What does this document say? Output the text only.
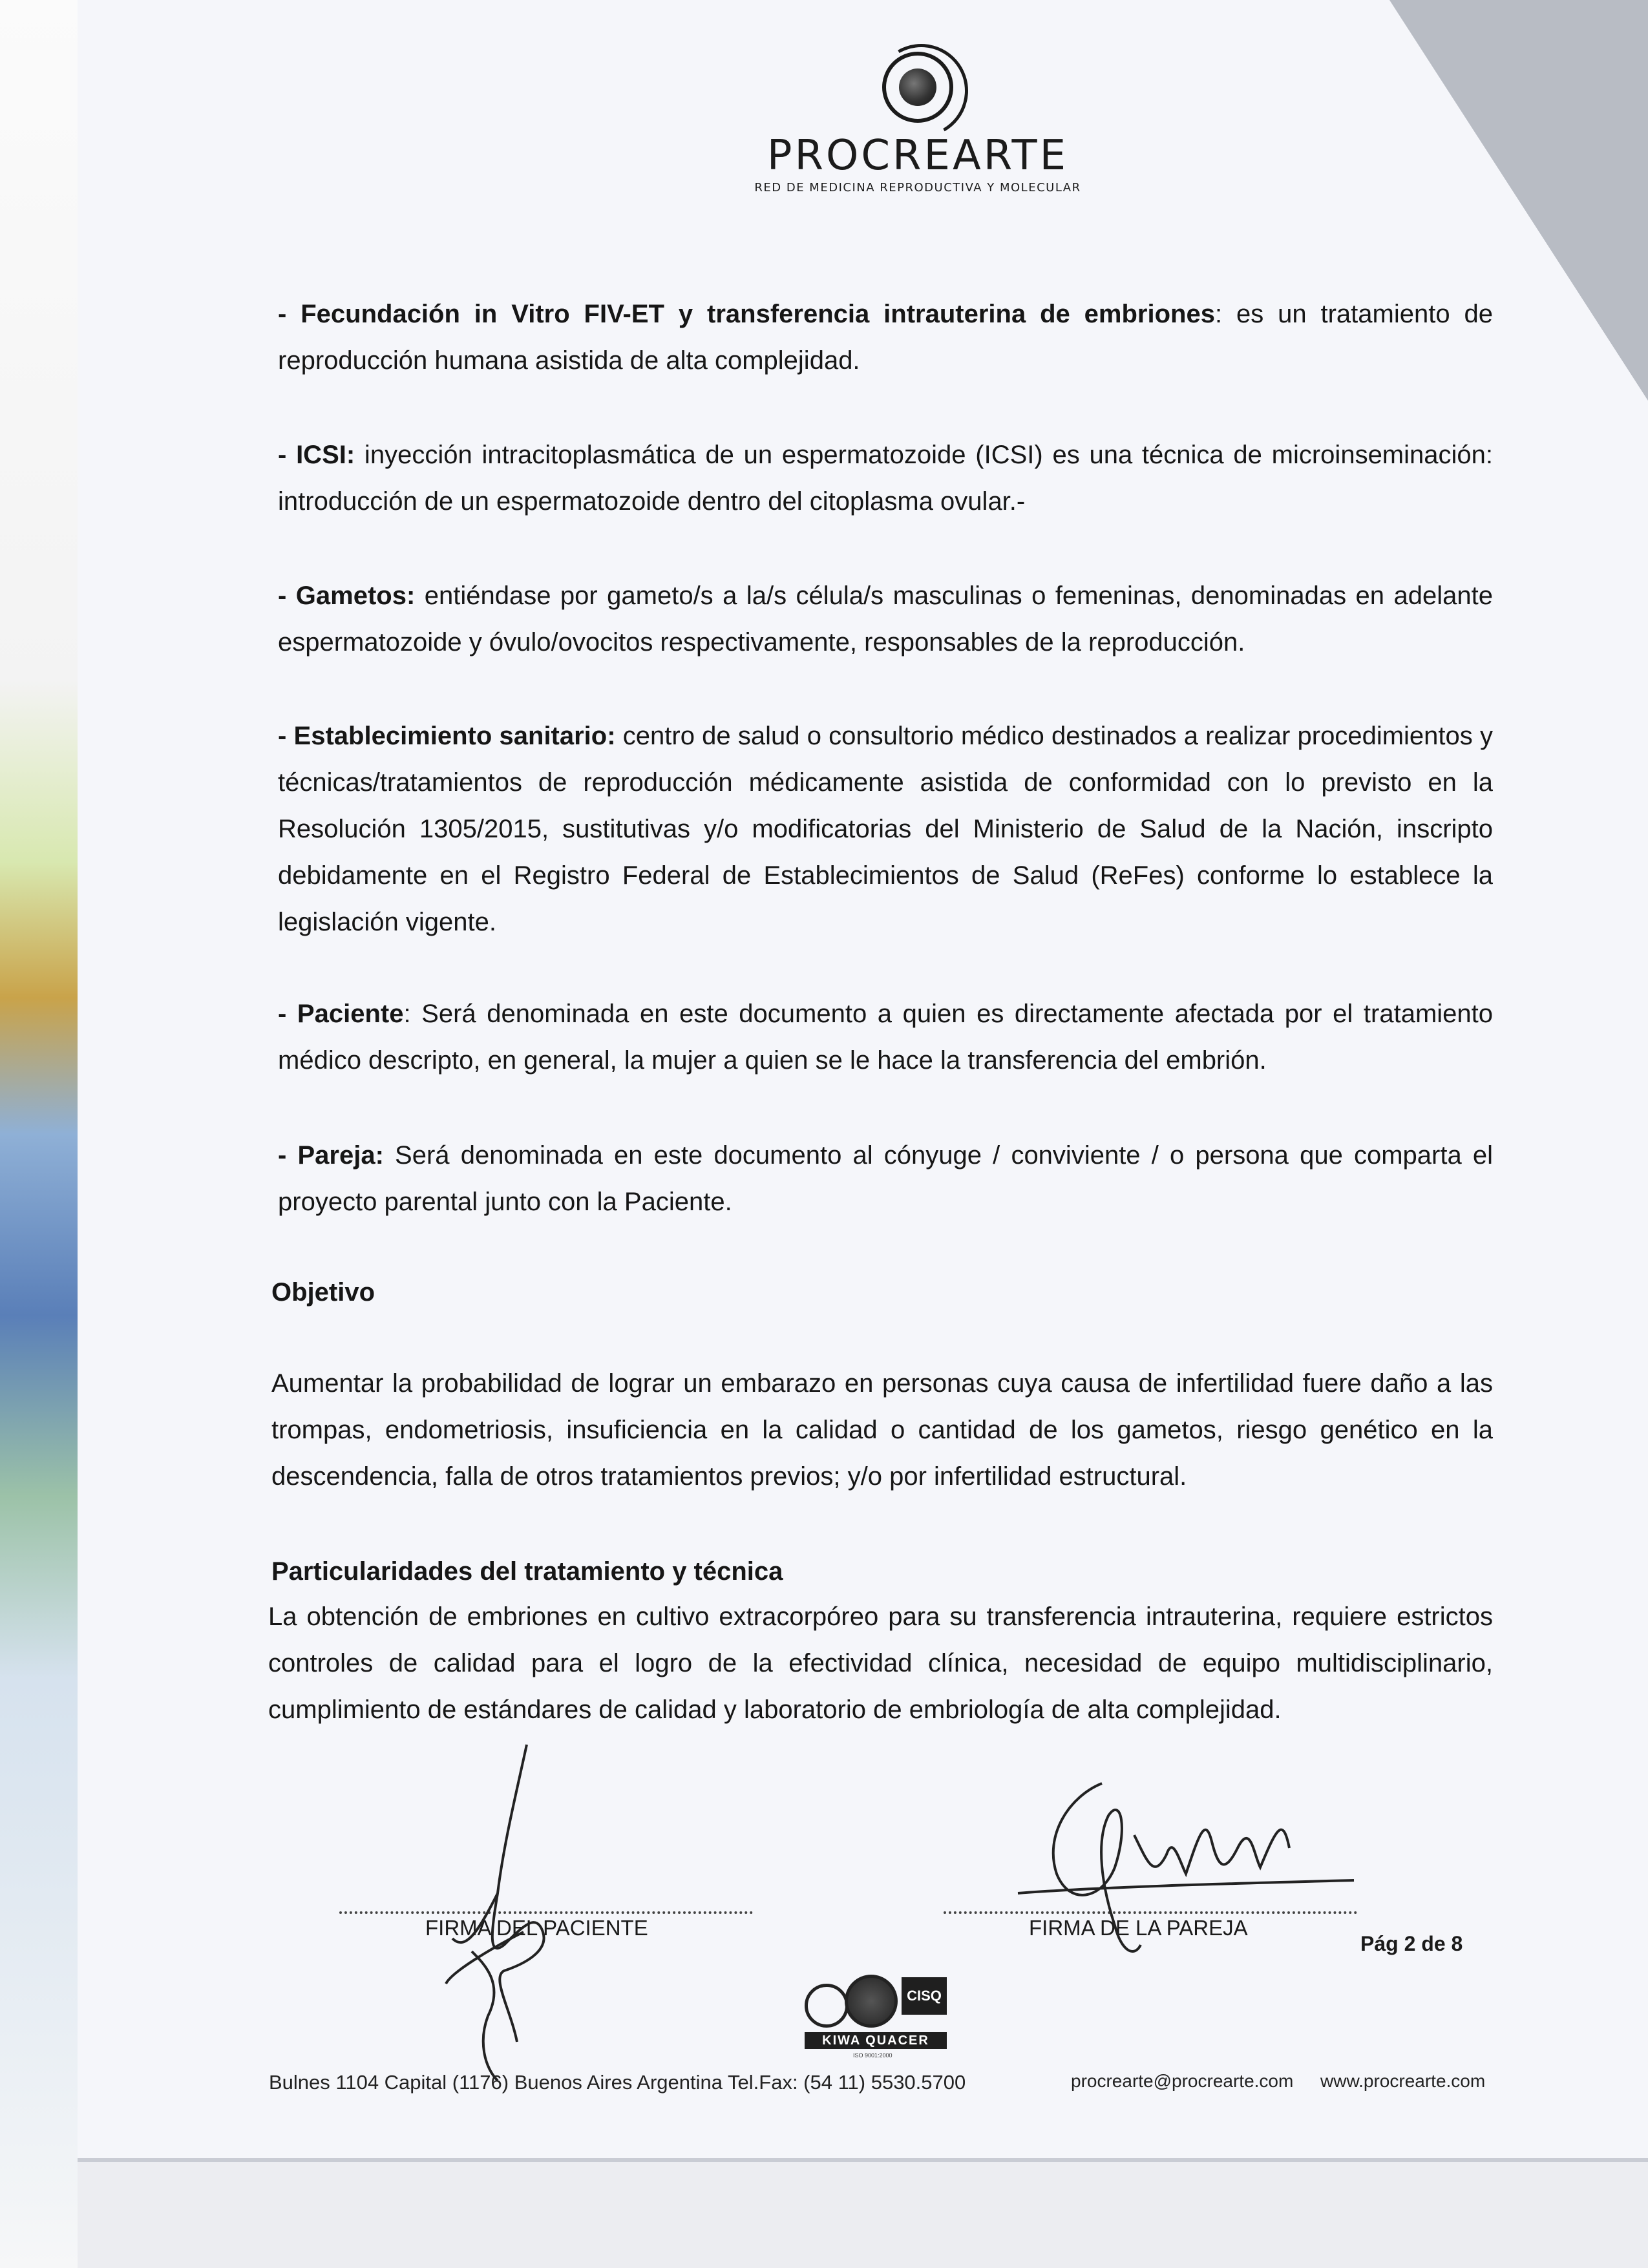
PROCREARTE
RED DE MEDICINA REPRODUCTIVA Y MOLECULAR
- Fecundación in Vitro FIV-ET y transferencia intrauterina de embriones: es un tratamiento de reproducción humana asistida de alta complejidad.
- ICSI: inyección intracitoplasmática de un espermatozoide (ICSI) es una técnica de microinseminación: introducción de un espermatozoide dentro del citoplasma ovular.-
- Gametos: entiéndase por gameto/s a la/s célula/s masculinas o femeninas, denominadas en adelante espermatozoide y óvulo/ovocitos respectivamente, responsables de la reproducción.
- Establecimiento sanitario: centro de salud o consultorio médico destinados a realizar procedimientos y técnicas/tratamientos de reproducción médicamente asistida de conformidad con lo previsto en la Resolución 1305/2015, sustitutivas y/o modificatorias del Ministerio de Salud de la Nación, inscripto debidamente en el Registro Federal de Establecimientos de Salud (ReFes) conforme lo establece la legislación vigente.
- Paciente: Será denominada en este documento a quien es directamente afectada por el tratamiento médico descripto, en general, la mujer a quien se le hace la transferencia del embrión.
- Pareja: Será denominada en este documento al cónyuge / conviviente / o persona que comparta el proyecto parental junto con la Paciente.
Objetivo
Aumentar la probabilidad de lograr un embarazo en personas cuya causa de infertilidad fuere daño a las trompas, endometriosis, insuficiencia en la calidad o cantidad de los gametos, riesgo genético en la descendencia, falla de otros tratamientos previos; y/o por infertilidad estructural.
Particularidades del tratamiento y técnica
La obtención de embriones en cultivo extracorpóreo para su transferencia intrauterina, requiere estrictos controles de calidad para el logro de la efectividad clínica, necesidad de equipo multidisciplinario, cumplimiento de estándares de calidad y laboratorio de embriología de alta complejidad.
FIRMA DEL PACIENTE	FIRMA DE LA PAREJA
Pág 2 de 8
CISQ
KIWA QUACER
ISO 9001:2000
Bulnes 1104 Capital (1176) Buenos Aires Argentina Tel.Fax: (54 11) 5530.5700	procrearte@procrearte.com www.procrearte.com
